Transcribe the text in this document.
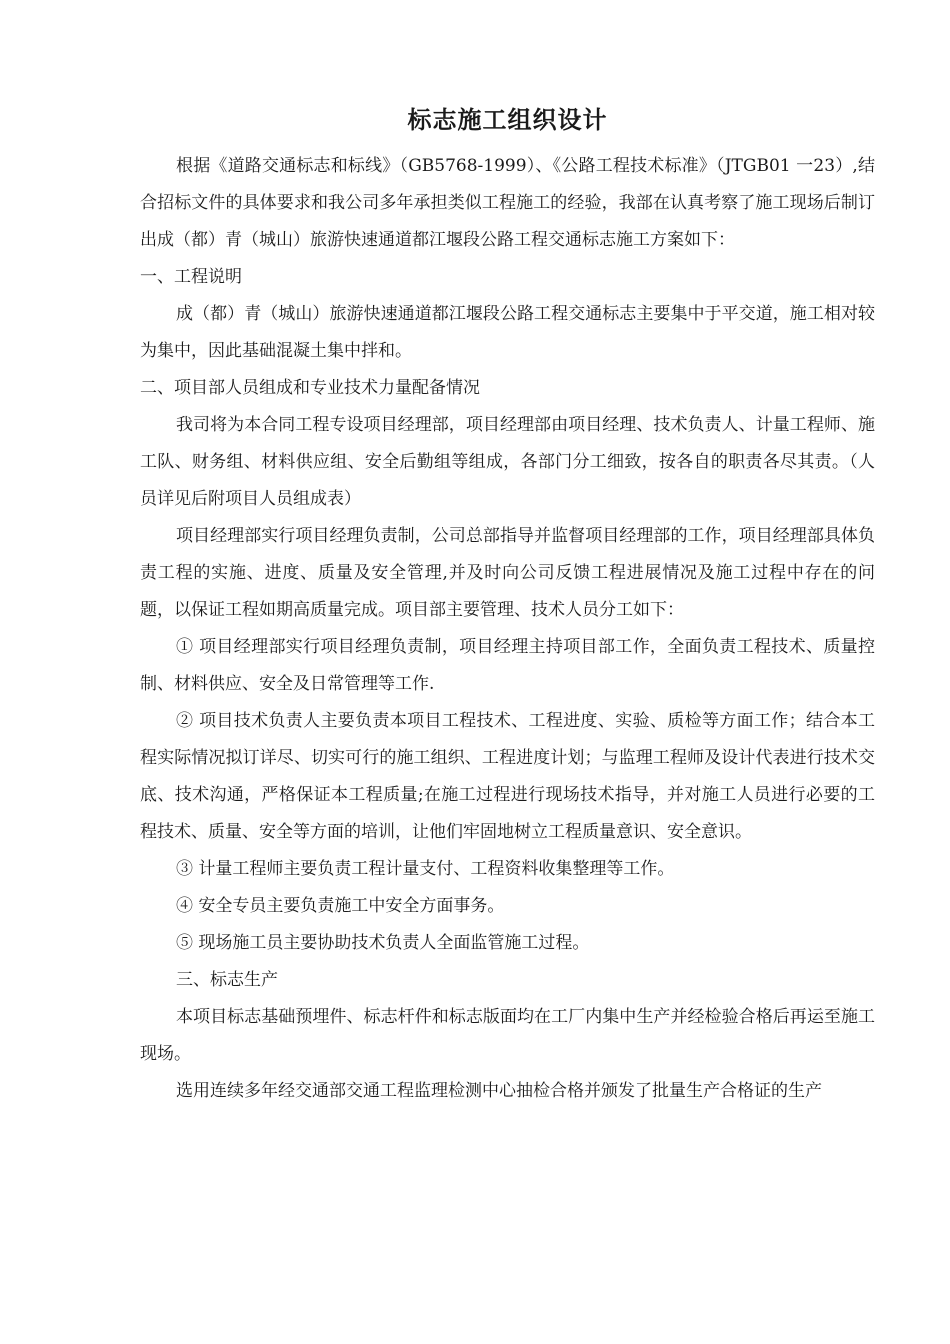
标志施工组织设计

根据《道路交通标志和标线》（GB5768-1999）、《公路工程技术标准》（JTGB01 一23）,结合招标文件的具体要求和我公司多年承担类似工程施工的经验，我部在认真考察了施工现场后制订出成（都）青（城山）旅游快速通道都江堰段公路工程交通标志施工方案如下：

一、工程说明

成（都）青（城山）旅游快速通道都江堰段公路工程交通标志主要集中于平交道，施工相对较为集中，因此基础混凝土集中拌和。

二、项目部人员组成和专业技术力量配备情况

我司将为本合同工程专设项目经理部，项目经理部由项目经理、技术负责人、计量工程师、施工队、财务组、材料供应组、安全后勤组等组成，各部门分工细致，按各自的职责各尽其责。（人员详见后附项目人员组成表）

项目经理部实行项目经理负责制，公司总部指导并监督项目经理部的工作，项目经理部具体负责工程的实施、进度、质量及安全管理,并及时向公司反馈工程进展情况及施工过程中存在的问题，以保证工程如期高质量完成。项目部主要管理、技术人员分工如下：

① 项目经理部实行项目经理负责制，项目经理主持项目部工作，全面负责工程技术、质量控制、材料供应、安全及日常管理等工作.

② 项目技术负责人主要负责本项目工程技术、工程进度、实验、质检等方面工作；结合本工程实际情况拟订详尽、切实可行的施工组织、工程进度计划；与监理工程师及设计代表进行技术交底、技术沟通，严格保证本工程质量;在施工过程进行现场技术指导，并对施工人员进行必要的工程技术、质量、安全等方面的培训，让他们牢固地树立工程质量意识、安全意识。

③ 计量工程师主要负责工程计量支付、工程资料收集整理等工作。

④ 安全专员主要负责施工中安全方面事务。

⑤ 现场施工员主要协助技术负责人全面监管施工过程。

三、标志生产

本项目标志基础预埋件、标志杆件和标志版面均在工厂内集中生产并经检验合格后再运至施工现场。

选用连续多年经交通部交通工程监理检测中心抽检合格并颁发了批量生产合格证的生产
